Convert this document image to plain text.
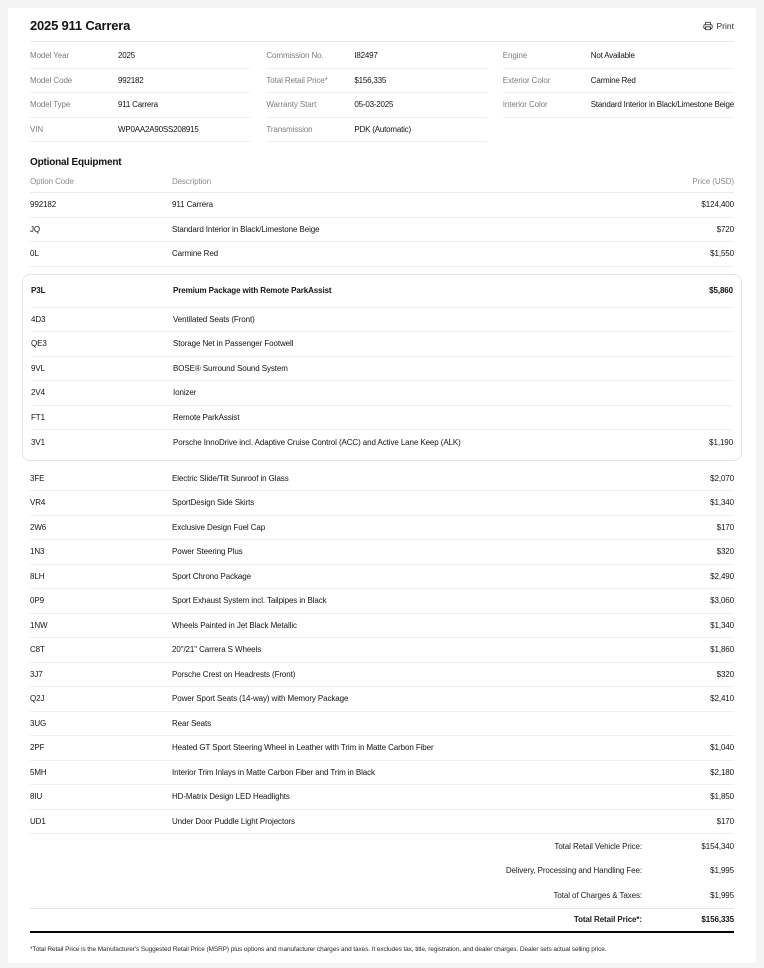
2025 911 Carrera	Print
Model Year	2025
Model Code	992182
Model Type	911 Carrera
VIN	WP0AA2A90SS208915
Commission No.	I82497
Total Retail Price*	$156,335
Warranty Start	05-03-2025
Transmission	PDK (Automatic)
Engine	Not Available
Exterior Color	Carmine Red
Interior Color	Standard Interior in Black/Limestone Beige
Optional Equipment
Option Code	Description	Price (USD)
992182	911 Carrera	$124,400
JQ	Standard Interior in Black/Limestone Beige	$720
0L	Carmine Red	$1,550
P3L	Premium Package with Remote ParkAssist	$5,860
4D3	Ventilated Seats (Front)
QE3	Storage Net in Passenger Footwell
9VL	BOSE® Surround Sound System
2V4	Ionizer
FT1	Remote ParkAssist
3V1	Porsche InnoDrive incl. Adaptive Cruise Control (ACC) and Active Lane Keep (ALK)	$1,190
3FE	Electric Slide/Tilt Sunroof in Glass	$2,070
VR4	SportDesign Side Skirts	$1,340
2W6	Exclusive Design Fuel Cap	$170
1N3	Power Steering Plus	$320
8LH	Sport Chrono Package	$2,490
0P9	Sport Exhaust System incl. Tailpipes in Black	$3,060
1NW	Wheels Painted in Jet Black Metallic	$1,340
C8T	20"/21" Carrera S Wheels	$1,860
3J7	Porsche Crest on Headrests (Front)	$320
Q2J	Power Sport Seats (14-way) with Memory Package	$2,410
3UG	Rear Seats
2PF	Heated GT Sport Steering Wheel in Leather with Trim in Matte Carbon Fiber	$1,040
5MH	Interior Trim Inlays in Matte Carbon Fiber and Trim in Black	$2,180
8IU	HD-Matrix Design LED Headlights	$1,850
UD1	Under Door Puddle Light Projectors	$170
Total Retail Vehicle Price:	$154,340
Delivery, Processing and Handling Fee:	$1,995
Total of Charges & Taxes:	$1,995
Total Retail Price*:	$156,335
*Total Retail Price is the Manufacturer's Suggested Retail Price (MSRP) plus options and manufacturer charges and taxes. It excludes tax, title, registration, and dealer charges. Dealer sets actual selling price.
